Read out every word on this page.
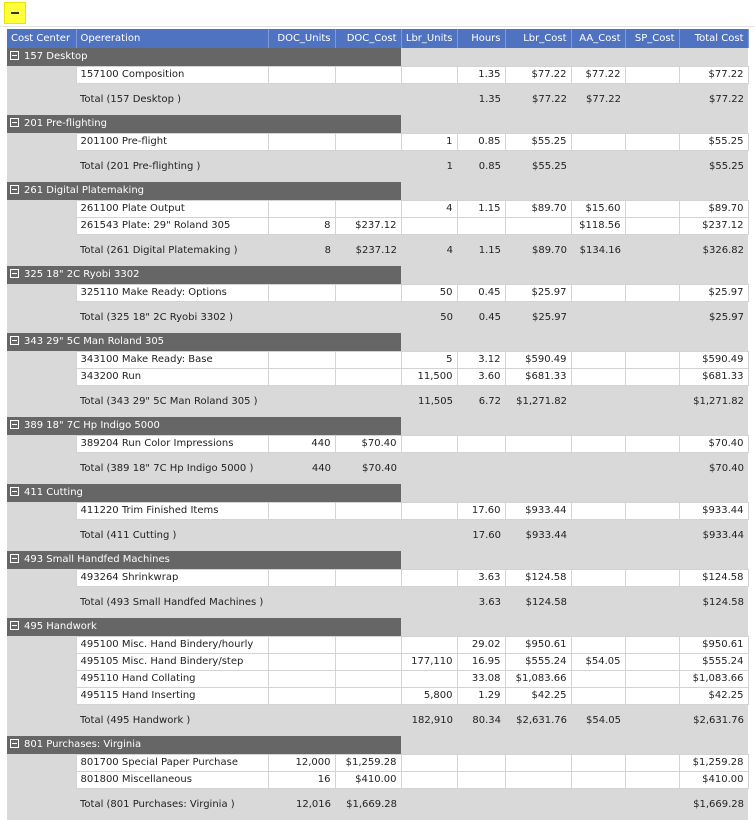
Cost Center	Opereration	DOC_Units	DOC_Cost	Lbr_Units	Hours	Lbr_Cost	AA_Cost	SP_Cost	Total Cost
157 Desktop									
	157100 Composition				1.35	$77.22	$77.22		$77.22
	Total (157 Desktop )				1.35	$77.22	$77.22		$77.22
201 Pre-flighting									
	201100 Pre-flight			1	0.85	$55.25			$55.25
	Total (201 Pre-flighting )			1	0.85	$55.25			$55.25
261 Digital Platemaking									
	261100 Plate Output			4	1.15	$89.70	$15.60		$89.70
	261543 Plate: 29" Roland 305	8	$237.12				$118.56		$237.12
	Total (261 Digital Platemaking )	8	$237.12	4	1.15	$89.70	$134.16		$326.82
325 18" 2C Ryobi 3302									
	325110 Make Ready: Options			50	0.45	$25.97			$25.97
	Total (325 18" 2C Ryobi 3302 )			50	0.45	$25.97			$25.97
343 29" 5C Man Roland 305									
	343100 Make Ready: Base			5	3.12	$590.49			$590.49
	343200 Run			11,500	3.60	$681.33			$681.33
	Total (343 29" 5C Man Roland 305 )			11,505	6.72	$1,271.82			$1,271.82
389 18" 7C Hp Indigo 5000									
	389204 Run Color Impressions	440	$70.40						$70.40
	Total (389 18" 7C Hp Indigo 5000 )	440	$70.40						$70.40
411 Cutting									
	411220 Trim Finished Items				17.60	$933.44			$933.44
	Total (411 Cutting )				17.60	$933.44			$933.44
493 Small Handfed Machines									
	493264 Shrinkwrap				3.63	$124.58			$124.58
	Total (493 Small Handfed Machines )				3.63	$124.58			$124.58
495 Handwork									
	495100 Misc. Hand Bindery/hourly				29.02	$950.61			$950.61
	495105 Misc. Hand Bindery/step			177,110	16.95	$555.24	$54.05		$555.24
	495110 Hand Collating				33.08	$1,083.66			$1,083.66
	495115 Hand Inserting			5,800	1.29	$42.25			$42.25
	Total (495 Handwork )			182,910	80.34	$2,631.76	$54.05		$2,631.76
801 Purchases: Virginia									
	801700 Special Paper Purchase	12,000	$1,259.28						$1,259.28
	801800 Miscellaneous	16	$410.00						$410.00
	Total (801 Purchases: Virginia )	12,016	$1,669.28						$1,669.28
